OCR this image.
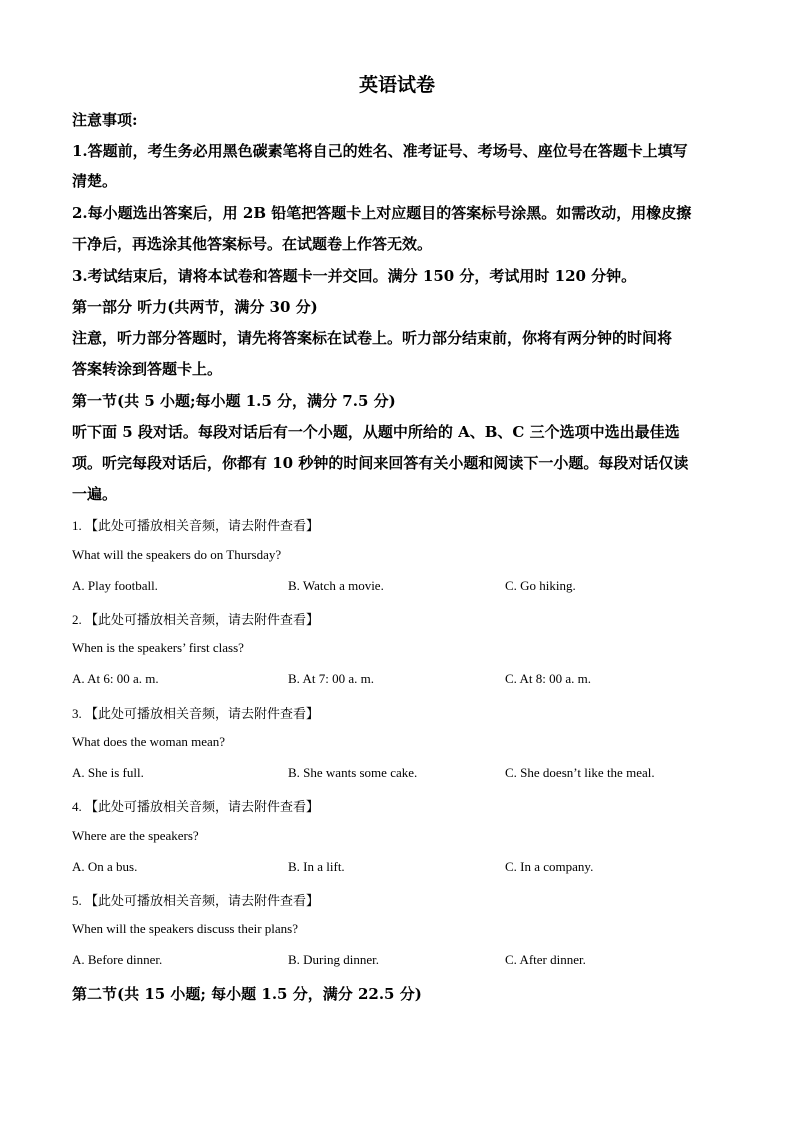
英语试卷
注意事项:
1.答题前，考生务必用黑色碳素笔将自己的姓名、准考证号、考场号、座位号在答题卡上填写
清楚。
2.每小题选出答案后，用 2B 铅笔把答题卡上对应题目的答案标号涂黑。如需改动，用橡皮擦
干净后，再选涂其他答案标号。在试题卷上作答无效。
3.考试结束后，请将本试卷和答题卡一并交回。满分 150 分，考试用时 120 分钟。
第一部分 听力(共两节，满分 30 分)
注意，听力部分答题时，请先将答案标在试卷上。听力部分结束前，你将有两分钟的时间将
答案转涂到答题卡上。
第一节(共 5 小题;每小题 1.5 分，满分 7.5 分)
听下面 5 段对话。每段对话后有一个小题，从题中所给的 A、B、C 三个选项中选出最佳选
项。听完每段对话后，你都有 10 秒钟的时间来回答有关小题和阅读下一小题。每段对话仅读
一遍。
1. 【此处可播放相关音频，请去附件查看】
What will the speakers do on Thursday?
A. Play football.	B. Watch a movie.	C. Go hiking.
2. 【此处可播放相关音频，请去附件查看】
When is the speakers’ first class?
A. At 6: 00 a. m.	B. At 7: 00 a. m.	C. At 8: 00 a. m.
3. 【此处可播放相关音频，请去附件查看】
What does the woman mean?
A. She is full.	B. She wants some cake.	C. She doesn’t like the meal.
4. 【此处可播放相关音频，请去附件查看】
Where are the speakers?
A. On a bus.	B. In a lift.	C. In a company.
5. 【此处可播放相关音频，请去附件查看】
When will the speakers discuss their plans?
A. Before dinner.	B. During dinner.	C. After dinner.
第二节(共 15 小题; 每小题 1.5 分，满分 22.5 分)
